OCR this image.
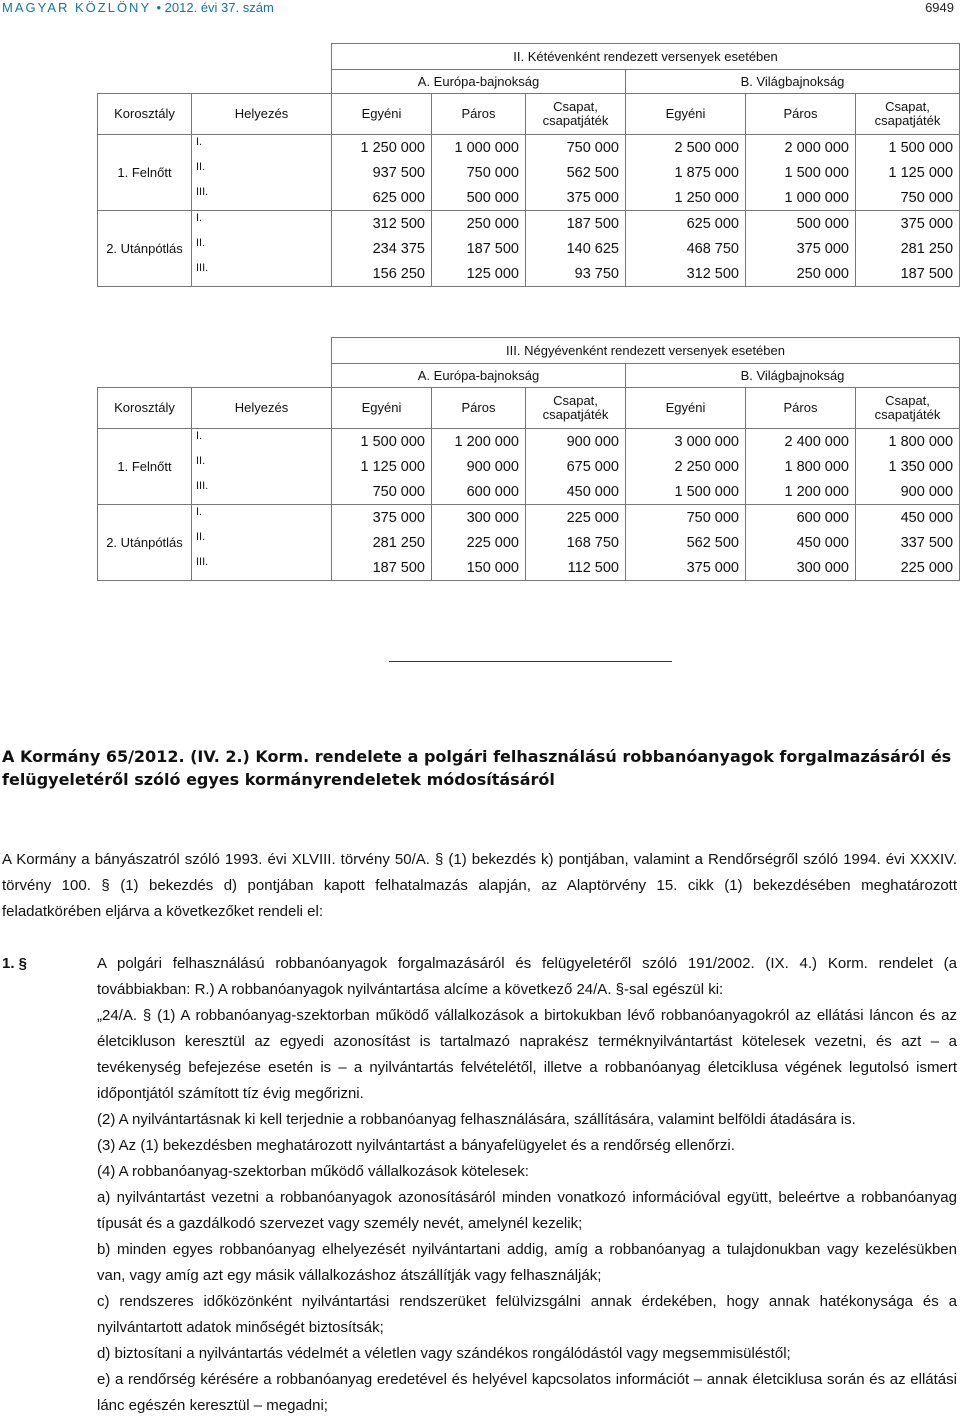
MAGYAR KÖZLÖNY • 2012. évi 37. szám	6949
		II. Kétévenként rendezett versenyek esetében					
		A. Európa-bajnokság			B. Világbajnokság		
Korosztály	Helyezés	Egyéni	Páros	Csapat, csapatjáték	Egyéni	Páros	Csapat, csapatjáték
1. Felnőtt	I.	1 250 000	1 000 000	750 000	2 500 000	2 000 000	1 500 000
	II.	937 500	750 000	562 500	1 875 000	1 500 000	1 125 000
	III.	625 000	500 000	375 000	1 250 000	1 000 000	750 000
2. Utánpótlás	I.	312 500	250 000	187 500	625 000	500 000	375 000
	II.	234 375	187 500	140 625	468 750	375 000	281 250
	III.	156 250	125 000	93 750	312 500	250 000	187 500
		III. Négyévenként rendezett versenyek esetében					
		A. Európa-bajnokság			B. Világbajnokság		
Korosztály	Helyezés	Egyéni	Páros	Csapat, csapatjáték	Egyéni	Páros	Csapat, csapatjáték
1. Felnőtt	I.	1 500 000	1 200 000	900 000	3 000 000	2 400 000	1 800 000
	II.	1 125 000	900 000	675 000	2 250 000	1 800 000	1 350 000
	III.	750 000	600 000	450 000	1 500 000	1 200 000	900 000
2. Utánpótlás	I.	375 000	300 000	225 000	750 000	600 000	450 000
	II.	281 250	225 000	168 750	562 500	450 000	337 500
	III.	187 500	150 000	112 500	375 000	300 000	225 000
A Kormány 65/2012. (IV. 2.) Korm. rendelete a polgári felhasználású robbanóanyagok forgalmazásáról és felügyeletéről szóló egyes kormányrendeletek módosításáról
A Kormány a bányászatról szóló 1993. évi XLVIII. törvény 50/A. § (1) bekezdés k) pontjában, valamint a Rendőrségről szóló 1994. évi XXXIV. törvény 100. § (1) bekezdés d) pontjában kapott felhatalmazás alapján, az Alaptörvény 15. cikk (1) bekezdésében meghatározott feladatkörében eljárva a következőket rendeli el:
1. §	A polgári felhasználású robbanóanyagok forgalmazásáról és felügyeletéről szóló 191/2002. (IX. 4.) Korm. rendelet (a továbbiakban: R.) A robbanóanyagok nyilvántartása alcíme a következő 24/A. §-sal egészül ki:
„24/A. § (1) A robbanóanyag-szektorban működő vállalkozások a birtokukban lévő robbanóanyagokról az ellátási láncon és az életcikluson keresztül az egyedi azonosítást is tartalmazó naprakész terméknyilvántartást kötelesek vezetni, és azt – a tevékenység befejezése esetén is – a nyilvántartás felvételétől, illetve a robbanóanyag életciklusa végének legutolsó ismert időpontjától számított tíz évig megőrizni.
(2) A nyilvántartásnak ki kell terjednie a robbanóanyag felhasználására, szállítására, valamint belföldi átadására is.
(3) Az (1) bekezdésben meghatározott nyilvántartást a bányafelügyelet és a rendőrség ellenőrzi.
(4) A robbanóanyag-szektorban működő vállalkozások kötelesek:
a) nyilvántartást vezetni a robbanóanyagok azonosításáról minden vonatkozó információval együtt, beleértve a robbanóanyag típusát és a gazdálkodó szervezet vagy személy nevét, amelynél kezelik;
b) minden egyes robbanóanyag elhelyezését nyilvántartani addig, amíg a robbanóanyag a tulajdonukban vagy kezelésükben van, vagy amíg azt egy másik vállalkozáshoz átszállítják vagy felhasználják;
c) rendszeres időközönként nyilvántartási rendszerüket felülvizsgálni annak érdekében, hogy annak hatékonysága és a nyilvántartott adatok minőségét biztosítsák;
d) biztosítani a nyilvántartás védelmét a véletlen vagy szándékos rongálódástól vagy megsemmisüléstől;
e) a rendőrség kérésére a robbanóanyag eredetével és helyével kapcsolatos információt – annak életciklusa során és az ellátási lánc egészén keresztül – megadni;
